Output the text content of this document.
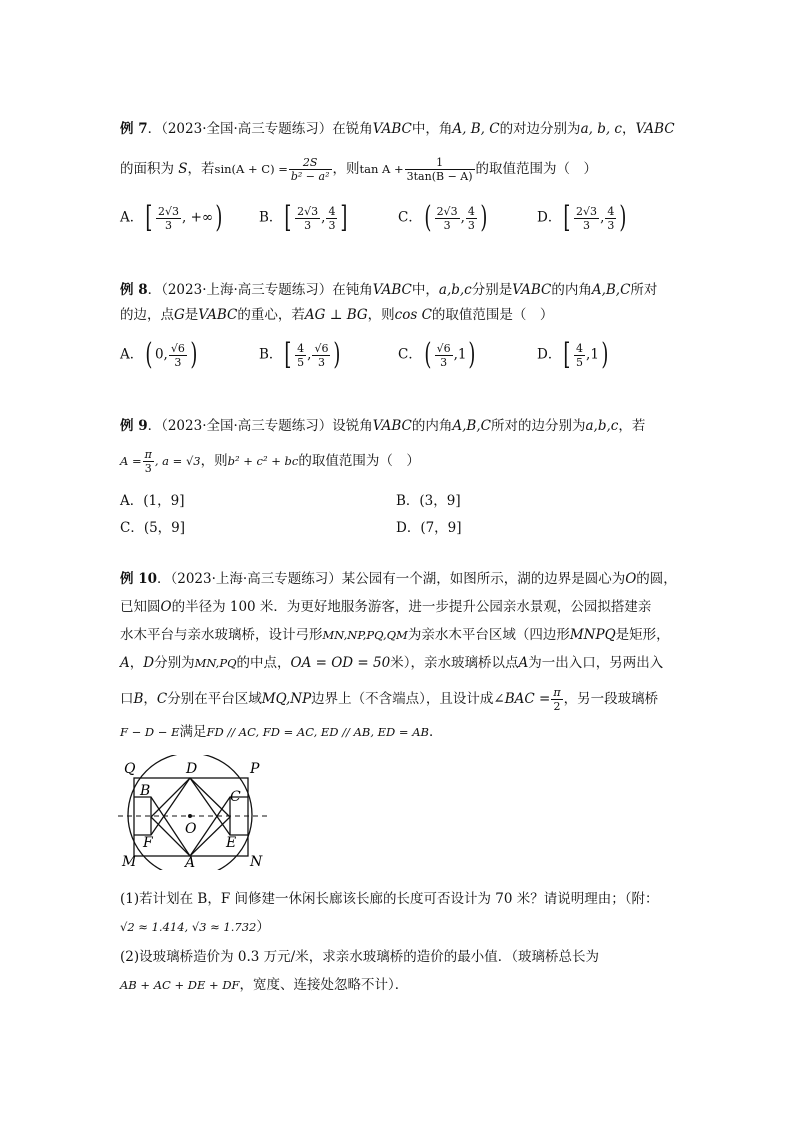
例 7．（2023·全国·高三专题练习）在锐角VABC中，角A, B, C的对边分别为a, b, c，VABC
的面积为 S，若$\sin(A + C) = \frac{2S}{\text{b² − a²}}$ ，则$\tan A + \frac{1}{3\tan(B - A)}$ 的取值范围为（　）
A．[ $\frac{2√3}{3}$ , +∞)	B．[ $\frac{2√3}{3}$ , $\frac{4}{3}$ ]	C．( $\frac{2√3}{3}$ , $\frac{4}{3}$ )	D．[ $\frac{2√3}{3}$ , $\frac{4}{3}$ )
例 8．（2023·上海·高三专题练习）在钝角VABC中，a,b,c分别是VABC的内角A,B,C所对
的边，点G是VABC的重心，若AG ⊥ BG，则cos C的取值范围是（　）
A．( 0, $\frac{√6}{3}$ )	B．[ $\frac{4}{5}$ , $\frac{√6}{3}$ )	C．( $\frac{√6}{3} ,1$)	D．[ $\frac{4}{5} ,1$)
例 9．（2023·全国·高三专题练习）设锐角VABC的内角A,B,C所对的边分别为a,b,c，若
$A = \frac{\pi}{3}$ , a = √3，则b² + c² + bc的取值范围为（　）
A．(1，9]	B．(3，9]
C．(5，9]	D．(7，9]
例 10．（2023·上海·高三专题练习）某公园有一个湖，如图所示，湖的边界是圆心为O的圆，
已知圆O的半径为 100 米．为更好地服务游客，进一步提升公园亲水景观，公园拟搭建亲
水木平台与亲水玻璃桥，设计弓形MN,NP,PQ,QM为亲水木平台区域（四边形MNPQ是矩形，
A，D分别为MN,PQ的中点，OA = OD = 50米），亲水玻璃桥以点A为一出入口，另两出入
口B，C分别在平台区域MQ,NP边界上（不含端点），且设计成∠BAC = $\frac{\pi}{2}$ ，另一段玻璃桥
F − D − E满足FD // AC, FD = AC, ED // AB, ED = AB．
Q	D	P
B	C
O
F	E
M	A	N
(1)若计划在 B，F 间修建一休闲长廊该长廊的长度可否设计为 70 米？请说明理由；（附：
√2 ≈ 1.414, √3 ≈ 1.732）
(2)设玻璃桥造价为 0.3 万元/米，求亲水玻璃桥的造价的最小值．（玻璃桥总长为
AB + AC + DE + DF，宽度、连接处忽略不计）．
